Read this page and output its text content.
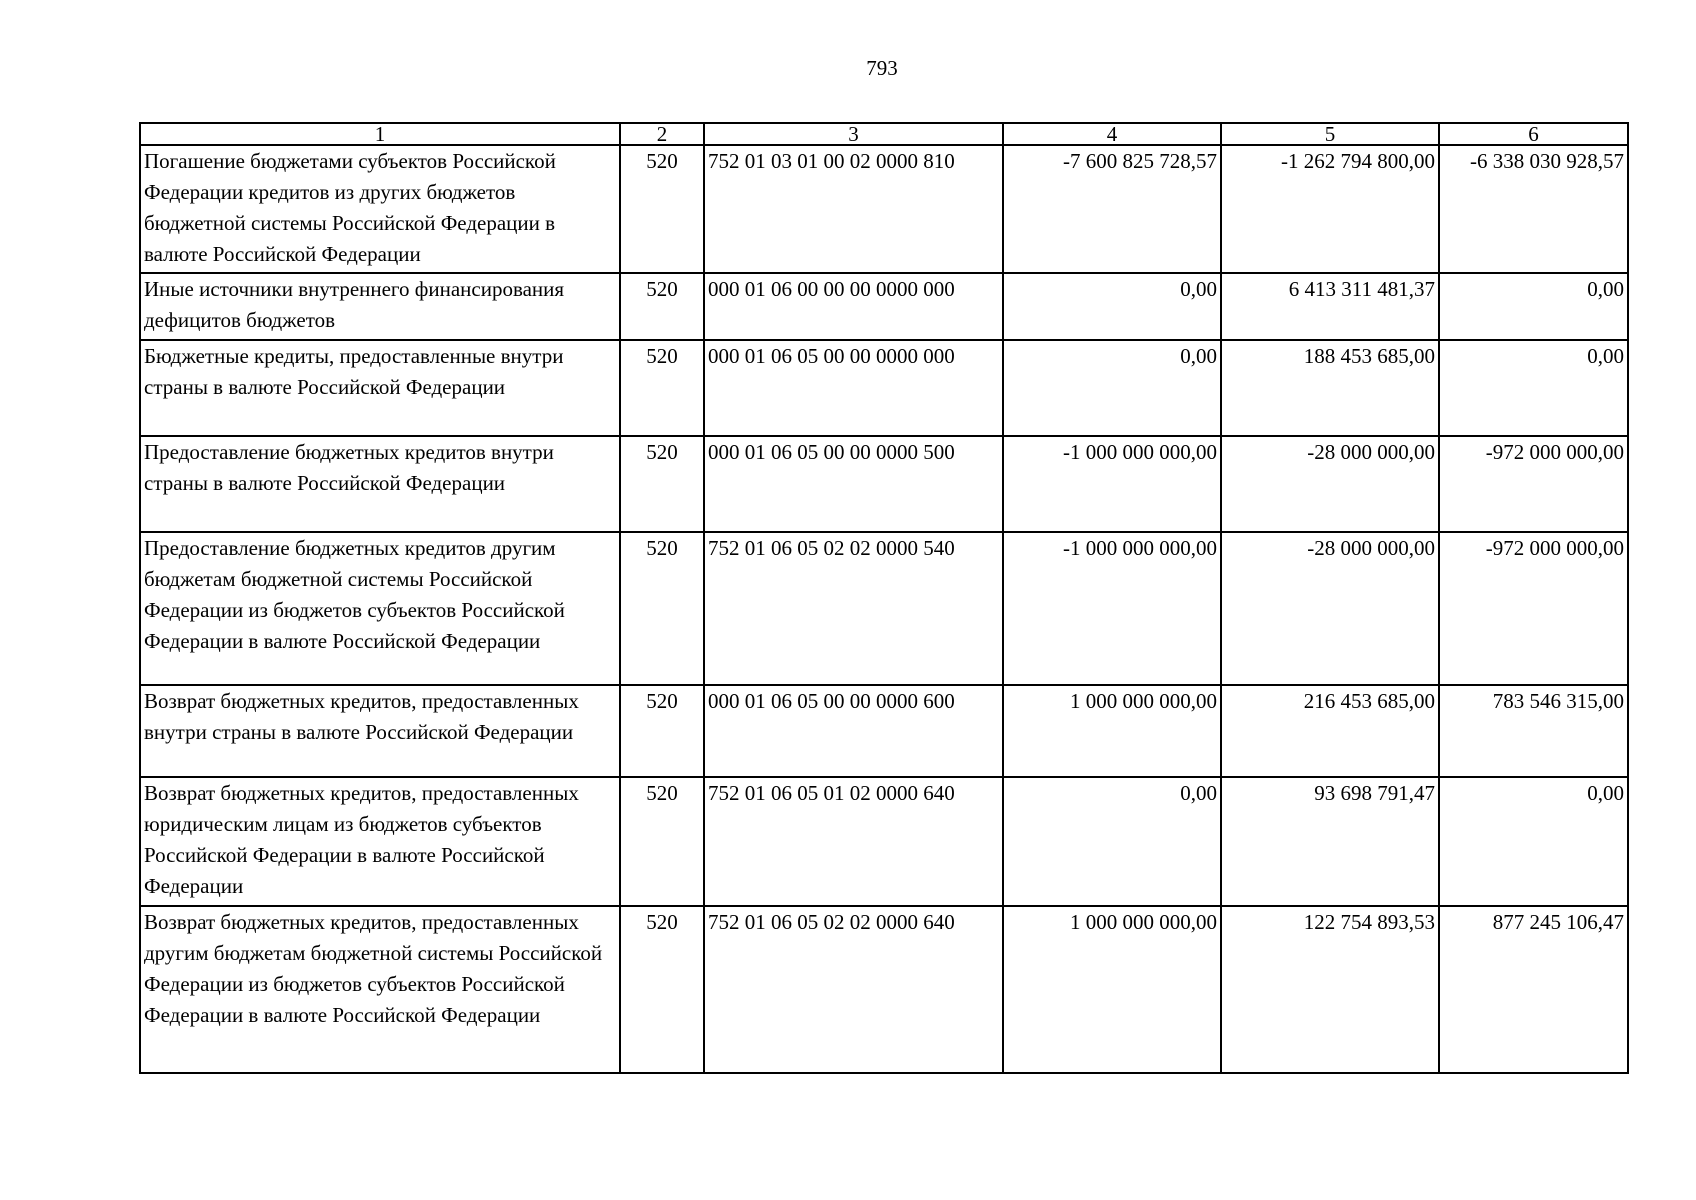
793
1	2	3	4	5	6
Погашение бюджетами субъектов Российской Федерации кредитов из других бюджетов бюджетной системы Российской Федерации в валюте Российской Федерации	520	752 01 03 01 00 02 0000 810	-7 600 825 728,57	-1 262 794 800,00	-6 338 030 928,57
Иные источники внутреннего финансирования дефицитов бюджетов	520	000 01 06 00 00 00 0000 000	0,00	6 413 311 481,37	0,00
Бюджетные кредиты, предоставленные внутри страны в валюте Российской Федерации	520	000 01 06 05 00 00 0000 000	0,00	188 453 685,00	0,00
Предоставление бюджетных кредитов внутри страны в валюте Российской Федерации	520	000 01 06 05 00 00 0000 500	-1 000 000 000,00	-28 000 000,00	-972 000 000,00
Предоставление бюджетных кредитов другим бюджетам бюджетной системы Российской Федерации из бюджетов субъектов Российской Федерации в валюте Российской Федерации	520	752 01 06 05 02 02 0000 540	-1 000 000 000,00	-28 000 000,00	-972 000 000,00
Возврат бюджетных кредитов, предоставленных внутри страны в валюте Российской Федерации	520	000 01 06 05 00 00 0000 600	1 000 000 000,00	216 453 685,00	783 546 315,00
Возврат бюджетных кредитов, предоставленных юридическим лицам из бюджетов субъектов Российской Федерации в валюте Российской Федерации	520	752 01 06 05 01 02 0000 640	0,00	93 698 791,47	0,00
Возврат бюджетных кредитов, предоставленных другим бюджетам бюджетной системы Российской Федерации из бюджетов субъектов Российской Федерации в валюте Российской Федерации	520	752 01 06 05 02 02 0000 640	1 000 000 000,00	122 754 893,53	877 245 106,47
